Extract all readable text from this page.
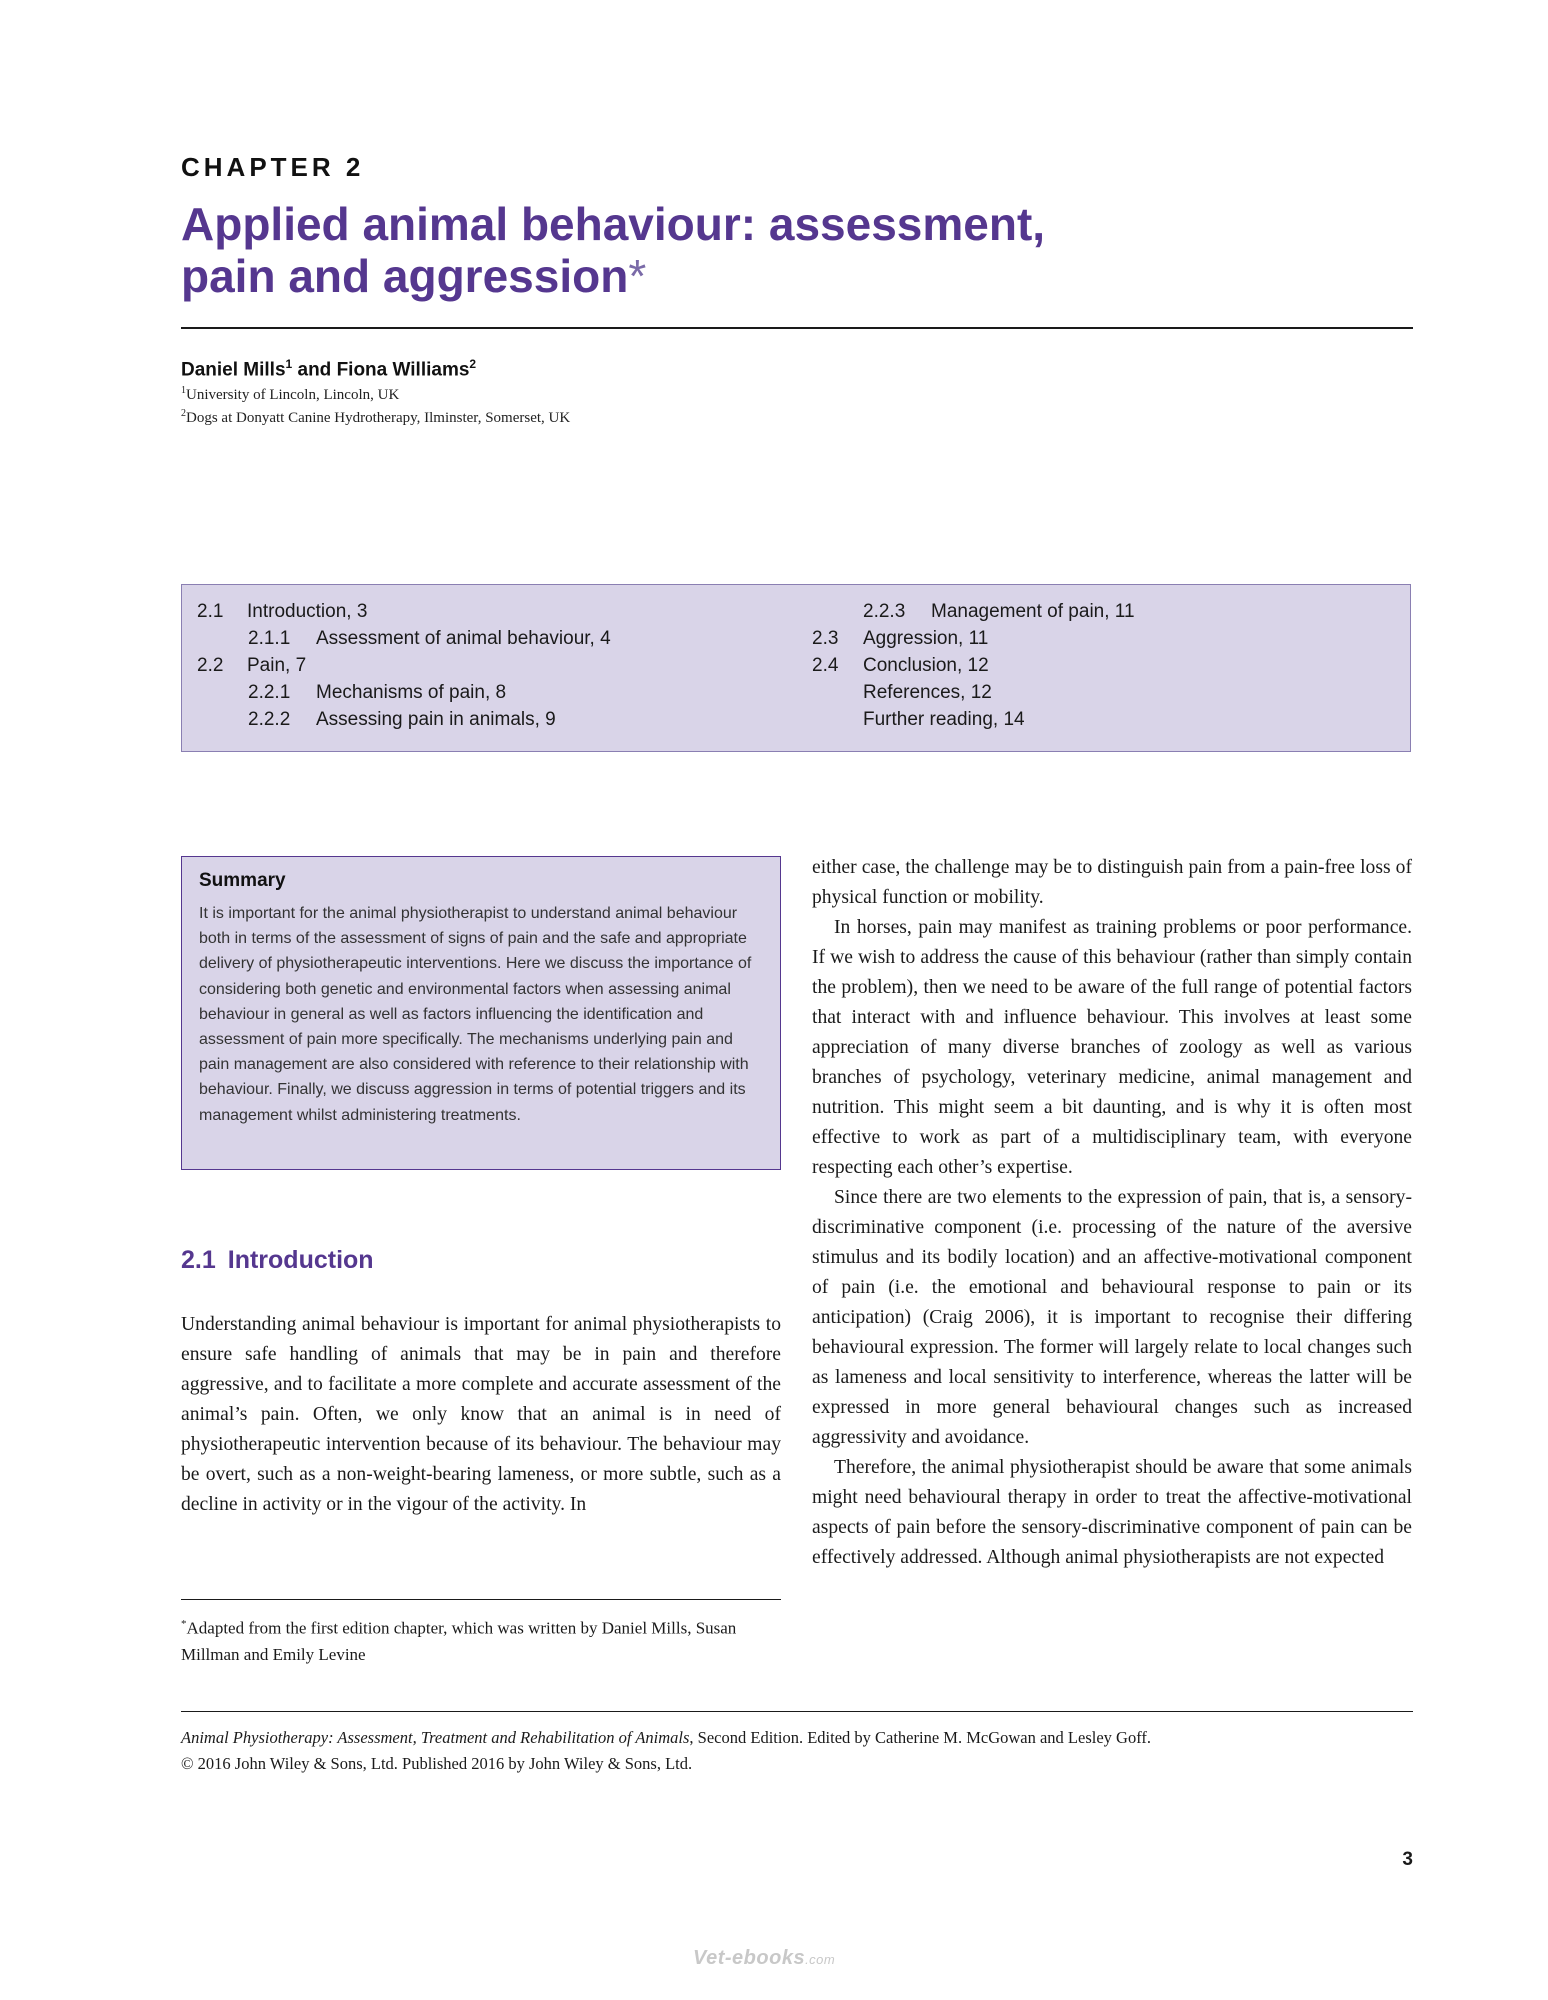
CHAPTER 2
Applied animal behaviour: assessment,
pain and aggression*
Daniel Mills$^1$ and Fiona Williams$^2$
$^1$University of Lincoln, Lincoln, UK
$^2$Dogs at Donyatt Canine Hydrotherapy, Ilminster, Somerset, UK
2.1 Introduction, 3
2.1.1 Assessment of animal behaviour, 4
2.2 Pain, 7
2.2.1 Mechanisms of pain, 8
2.2.2 Assessing pain in animals, 9
2.2.3 Management of pain, 11
2.3 Aggression, 11
2.4 Conclusion, 12
References, 12
Further reading, 14
Summary

It is important for the animal physiotherapist to understand animal behaviour both in terms of the assessment of signs of pain and the safe and appropriate delivery of physiotherapeutic interventions. Here we discuss the importance of considering both genetic and environmental factors when assessing animal behaviour in general as well as factors influencing the identification and assessment of pain more specifically. The mechanisms underlying pain and pain management are also considered with reference to their relationship with behaviour. Finally, we discuss aggression in terms of potential triggers and its management whilst administering treatments.

2.1 Introduction

Understanding animal behaviour is important for animal physiotherapists to ensure safe handling of animals that may be in pain and therefore aggressive, and to facilitate a more complete and accurate assessment of the animal’s pain. Often, we only know that an animal is in need of physiotherapeutic intervention because of its behaviour. The behaviour may be overt, such as a non-weight-bearing lameness, or more subtle, such as a decline in activity or in the vigour of the activity. In

either case, the challenge may be to distinguish pain from a pain-free loss of physical function or mobility.

In horses, pain may manifest as training problems or poor performance. If we wish to address the cause of this behaviour (rather than simply contain the problem), then we need to be aware of the full range of potential factors that interact with and influence behaviour. This involves at least some appreciation of many diverse branches of zoology as well as various branches of psychology, veterinary medicine, animal management and nutrition. This might seem a bit daunting, and is why it is often most effective to work as part of a multidisciplinary team, with everyone respecting each other’s expertise.

Since there are two elements to the expression of pain, that is, a sensory-discriminative component (i.e. processing of the nature of the aversive stimulus and its bodily location) and an affective-motivational component of pain (i.e. the emotional and behavioural response to pain or its anticipation) (Craig 2006), it is important to recognise their differing behavioural expression. The former will largely relate to local changes such as lameness and local sensitivity to interference, whereas the latter will be expressed in more general behavioural changes such as increased aggressivity and avoidance.

Therefore, the animal physiotherapist should be aware that some animals might need behavioural therapy in order to treat the affective-motivational aspects of pain before the sensory-discriminative component of pain can be effectively addressed. Although animal physiotherapists are not expected

*Adapted from the first edition chapter, which was written by Daniel Mills, Susan Millman and Emily Levine

Animal Physiotherapy: Assessment, Treatment and Rehabilitation of Animals, Second Edition. Edited by Catherine M. McGowan and Lesley Goff.

© 2016 John Wiley & Sons, Ltd. Published 2016 by John Wiley & Sons, Ltd.

3
Vet-ebooks.com
